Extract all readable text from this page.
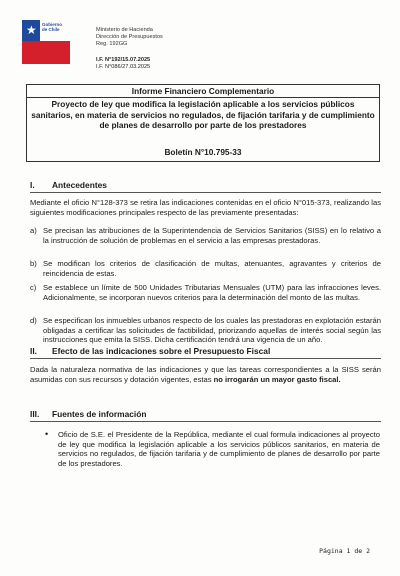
★ Gobierno
de Chile	Ministerio de Hacienda
Dirección de Presupuestos
Reg. 192GG
I.F. N°192/15.07.2025
I.F. N°086/27.03.2025
Informe Financiero Complementario
Proyecto de ley que modifica la legislación aplicable a los servicios públicos sanitarios, en materia de servicios no regulados, de fijación tarifaria y de cumplimiento de planes de desarrollo por parte de los prestadores
Boletín N°10.795-33
I. Antecedentes
Mediante el oficio N°128-373 se retira las indicaciones contenidas en el oficio N°015-373, realizando las siguientes modificaciones principales respecto de las previamente presentadas:
a) Se precisan las atribuciones de la Superintendencia de Servicios Sanitarios (SISS) en lo relativo a la instrucción de solución de problemas en el servicio a las empresas prestadoras.
b) Se modifican los criterios de clasificación de multas, atenuantes, agravantes y criterios de reincidencia de estas.
c) Se establece un límite de 500 Unidades Tributarias Mensuales (UTM) para las infracciones leves. Adicionalmente, se incorporan nuevos criterios para la determinación del monto de las multas.
d) Se especifican los inmuebles urbanos respecto de los cuales las prestadoras en explotación estarán obligadas a certificar las solicitudes de factibilidad, priorizando aquellas de interés social según las instrucciones que emita la SISS. Dicha certificación tendrá una vigencia de un año.
II. Efecto de las indicaciones sobre el Presupuesto Fiscal
Dada la naturaleza normativa de las indicaciones y que las tareas correspondientes a la SISS serán asumidas con sus recursos y dotación vigentes, estas no irrogarán un mayor gasto fiscal.
III. Fuentes de información
• Oficio de S.E. el Presidente de la República, mediante el cual formula indicaciones al proyecto de ley que modifica la legislación aplicable a los servicios públicos sanitarios, en materia de servicios no regulados, de fijación tarifaria y de cumplimiento de planes de desarrollo por parte de los prestadores.
Página 1 de 2
